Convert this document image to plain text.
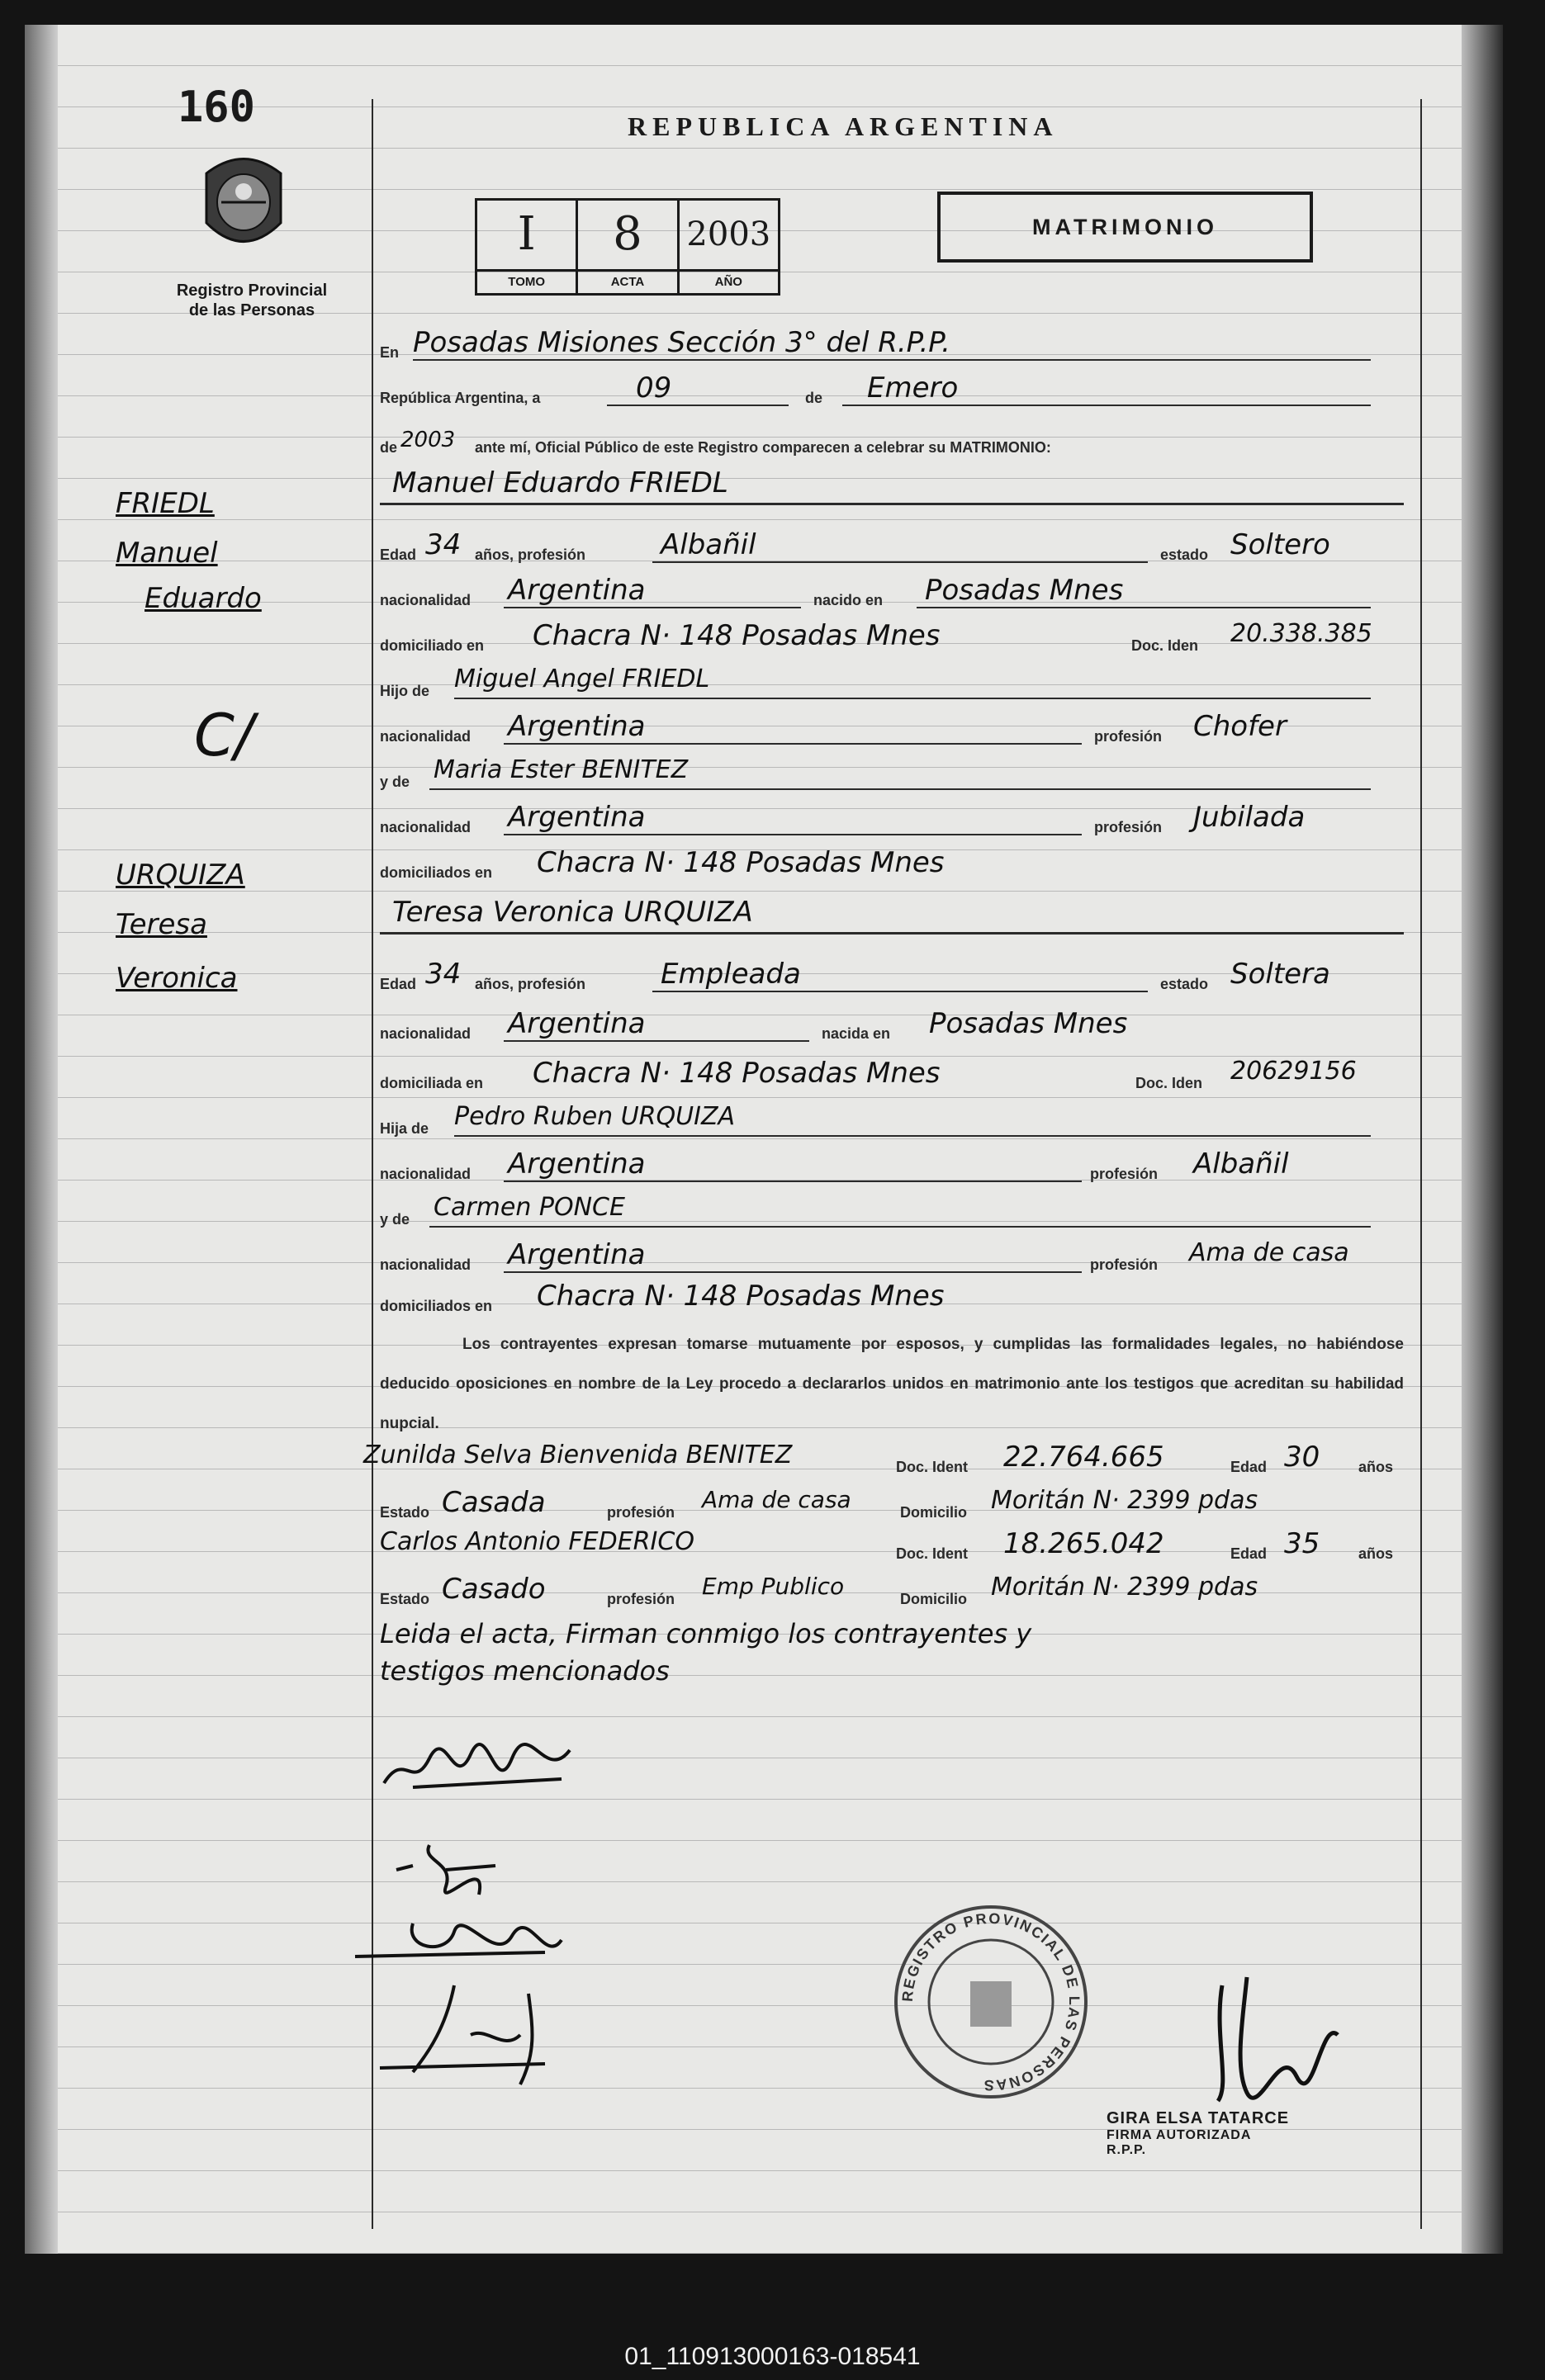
160
Registro Provincial
de las Personas
REPUBLICA ARGENTINA
I
TOMO
8
ACTA
2003
AÑO
MATRIMONIO
FRIEDL
Manuel
Eduardo
C/
URQUIZA
Teresa
Veronica
En Posadas Misiones Sección 3° del R.P.P.
República Argentina, a	09	de Emero
de 2003 ante mí, Oficial Público de este Registro comparecen a celebrar su MATRIMONIO:
Manuel Eduardo FRIEDL
Edad 34 años, profesión	Albañil	estado Soltero
nacionalidad Argentina	nacido en Posadas Mnes
domiciliado en Chacra N· 148 Posadas Mnes	Doc. Iden 20.338.385
Hijo de Miguel Angel FRIEDL
nacionalidad Argentina	profesión Chofer
y de Maria Ester BENITEZ
nacionalidad Argentina	profesión Jubilada
domiciliados en Chacra N· 148 Posadas Mnes
Teresa Veronica URQUIZA
Edad 34 años, profesión	Empleada	estado Soltera
nacionalidad Argentina	nacida en Posadas Mnes
domiciliada en Chacra N· 148 Posadas Mnes	Doc. Iden 20629156
Hija de Pedro Ruben URQUIZA
nacionalidad Argentina	profesión Albañil
y de Carmen PONCE
nacionalidad Argentina	profesión Ama de casa
domiciliados en Chacra N· 148 Posadas Mnes
Los contrayentes expresan tomarse mutuamente por esposos, y cumplidas las formalidades legales, no habiéndose deducido oposiciones en nombre de la Ley procedo a declararlos unidos en matrimonio ante los testigos que acreditan su habilidad nupcial.
Zunilda Selva Bienvenida BENITEZ	Doc. Ident 22.764.665	Edad 30	años
Estado Casada	profesión Ama de casa	Domicilio Moritán N· 2399 pdas
Carlos Antonio FEDERICO	Doc. Ident 18.265.042	Edad 35	años
Estado Casado	profesión Emp Publico	Domicilio Moritán N· 2399 pdas
Leida el acta, Firman conmigo los contrayentes y
testigos mencionados
REGISTRO PROVINCIAL DE LAS PERSONAS
GIRA ELSA TATARCE
FIRMA AUTORIZADA
R.P.P.
01_110913000163-018541
